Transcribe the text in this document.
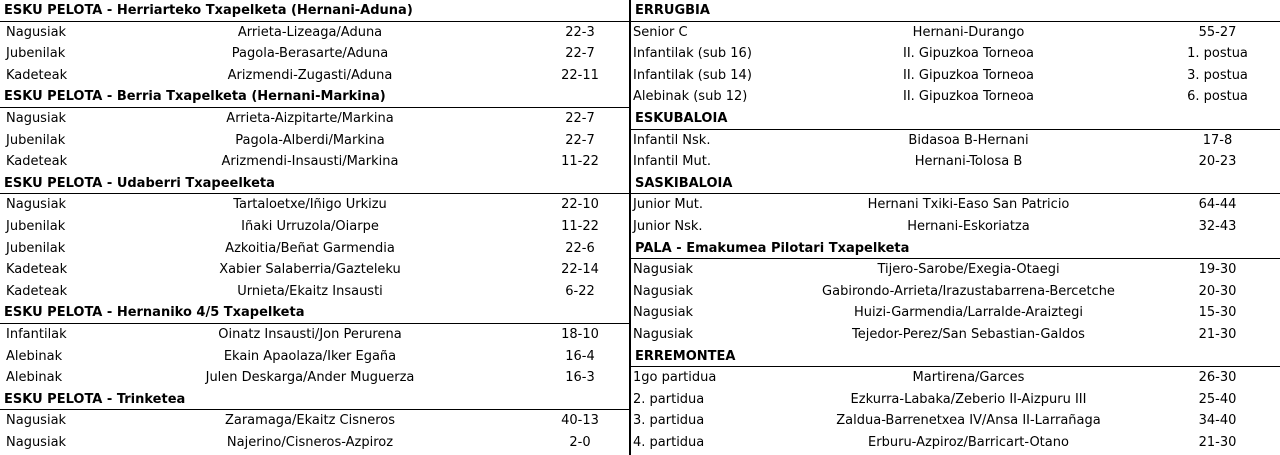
ESKU PELOTA - Herriarteko Txapelketa (Hernani-Aduna)
Nagusiak	Arrieta-Lizeaga/Aduna	22-3
Jubenilak	Pagola-Berasarte/Aduna	22-7
Kadeteak	Arizmendi-Zugasti/Aduna	22-11
ESKU PELOTA - Berria Txapelketa (Hernani-Markina)
Nagusiak	Arrieta-Aizpitarte/Markina	22-7
Jubenilak	Pagola-Alberdi/Markina	22-7
Kadeteak	Arizmendi-Insausti/Markina	11-22
ESKU PELOTA - Udaberri Txapeelketa
Nagusiak	Tartaloetxe/Iñigo Urkizu	22-10
Jubenilak	Iñaki Urruzola/Oiarpe	11-22
Jubenilak	Azkoitia/Beñat Garmendia	22-6
Kadeteak	Xabier Salaberria/Gazteleku	22-14
Kadeteak	Urnieta/Ekaitz Insausti	6-22
ESKU PELOTA - Hernaniko 4/5 Txapelketa
Infantilak	Oinatz Insausti/Jon Perurena	18-10
Alebinak	Ekain Apaolaza/Iker Egaña	16-4
Alebinak	Julen Deskarga/Ander Muguerza	16-3
ESKU PELOTA - Trinketea
Nagusiak	Zaramaga/Ekaitz Cisneros	40-13
Nagusiak	Najerino/Cisneros-Azpiroz	2-0
ERRUGBIA
Senior C	Hernani-Durango	55-27
Infantilak (sub 16)	II. Gipuzkoa Torneoa	1. postua
Infantilak (sub 14)	II. Gipuzkoa Torneoa	3. postua
Alebinak (sub 12)	II. Gipuzkoa Torneoa	6. postua
ESKUBALOIA
Infantil Nsk.	Bidasoa B-Hernani	17-8
Infantil Mut.	Hernani-Tolosa B	20-23
SASKIBALOIA
Junior Mut.	Hernani Txiki-Easo San Patricio	64-44
Junior Nsk.	Hernani-Eskoriatza	32-43
PALA - Emakumea Pilotari Txapelketa
Nagusiak	Tijero-Sarobe/Exegia-Otaegi	19-30
Nagusiak	Gabirondo-Arrieta/Irazustabarrena-Bercetche	20-30
Nagusiak	Huizi-Garmendia/Larralde-Araiztegi	15-30
Nagusiak	Tejedor-Perez/San Sebastian-Galdos	21-30
ERREMONTEA
1go partidua	Martirena/Garces	26-30
2. partidua	Ezkurra-Labaka/Zeberio II-Aizpuru III	25-40
3. partidua	Zaldua-Barrenetxea IV/Ansa II-Larrañaga	34-40
4. partidua	Erburu-Azpiroz/Barricart-Otano	21-30
